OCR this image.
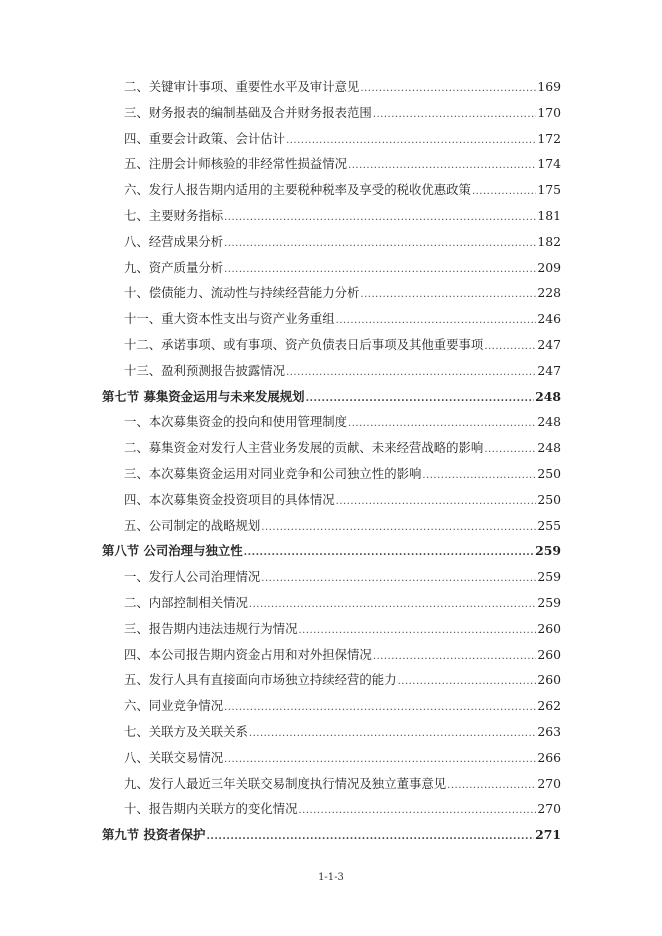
二、关键审计事项、重要性水平及审计意见 .....	169
三、财务报表的编制基础及合并财务报表范围 .....	170
四、重要会计政策、会计估计 .....	172
五、注册会计师核验的非经常性损益情况 .....	174
六、发行人报告期内适用的主要税种税率及享受的税收优惠政策 .....	175
七、主要财务指标 .....	181
八、经营成果分析 .....	182
九、资产质量分析 .....	209
十、偿债能力、流动性与持续经营能力分析 .....	228
十一、重大资本性支出与资产业务重组 .....	246
十二、承诺事项、或有事项、资产负债表日后事项及其他重要事项 .....	247
十三、盈利预测报告披露情况 .....	247
第七节 募集资金运用与未来发展规划 .....	248
一、本次募集资金的投向和使用管理制度 .....	248
二、募集资金对发行人主营业务发展的贡献、未来经营战略的影响 .....	248
三、本次募集资金运用对同业竞争和公司独立性的影响 .....	250
四、本次募集资金投资项目的具体情况 .....	250
五、公司制定的战略规划 .....	255
第八节 公司治理与独立性 .....	259
一、发行人公司治理情况 .....	259
二、内部控制相关情况 .....	259
三、报告期内违法违规行为情况 .....	260
四、本公司报告期内资金占用和对外担保情况 .....	260
五、发行人具有直接面向市场独立持续经营的能力 .....	260
六、同业竞争情况 .....	262
七、关联方及关联关系 .....	263
八、关联交易情况 .....	266
九、发行人最近三年关联交易制度执行情况及独立董事意见 .....	270
十、报告期内关联方的变化情况 .....	270
第九节 投资者保护 .....	271
1-1-3
